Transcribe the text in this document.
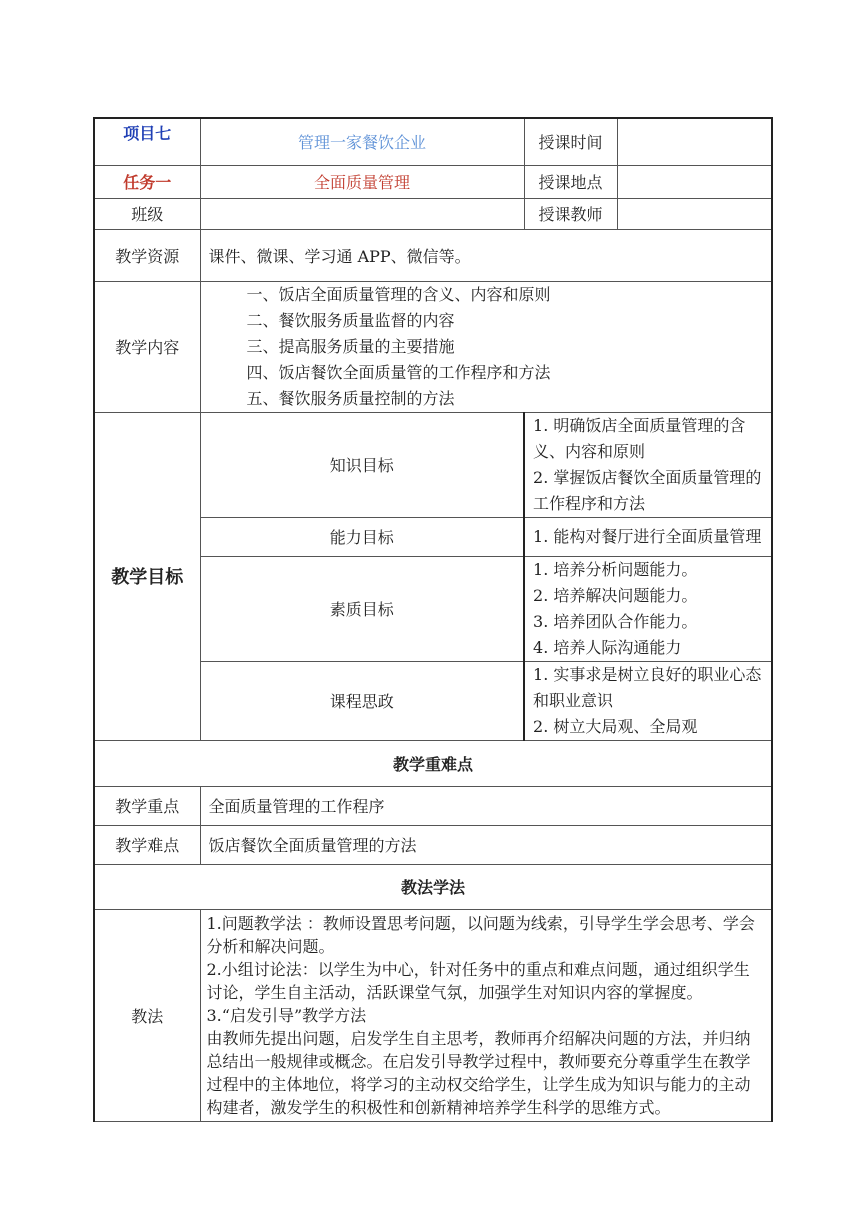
项目七	管理一家餐饮企业	授课时间	
任务一	全面质量管理	授课地点	
班级		授课教师	
教学资源	课件、微课、学习通 APP、微信等。		
教学内容	一、饭店全面质量管理的含义、内容和原则
二、餐饮服务质量监督的内容
三、提高服务质量的主要措施
四、饭店餐饮全面质量管的工作程序和方法
五、餐饮服务质量控制的方法		

教学目标	知识目标	1. 明确饭店全面质量管理的含义、内容和原则
2. 掌握饭店餐饮全面质量管理的工作程序和方法	

	能力目标	1. 能构对餐厅进行全面质量管理	

	素质目标	1. 培养分析问题能力。
2. 培养解决问题能力。
3. 培养团队合作能力。
4. 培养人际沟通能力	

	课程思政	1. 实事求是树立良好的职业心态和职业意识
2. 树立大局观、全局观	

教学重难点			
教学重点	全面质量管理的工作程序		
教学难点	饭店餐饮全面质量管理的方法		
教法学法			
教法	1.问题教学法 ：教师设置思考问题，以问题为线索，引导学生学会思考、学会分析和解决问题。
2.小组讨论法：以学生为中心，针对任务中的重点和难点问题，通过组织学生讨论，学生自主活动，活跃课堂气氛，加强学生对知识内容的掌握度。
3.“启发引导”教学方法
由教师先提出问题，启发学生自主思考，教师再介绍解决问题的方法，并归纳总结出一般规律或概念。在启发引导教学过程中，教师要充分尊重学生在教学过程中的主体地位，将学习的主动权交给学生，让学生成为知识与能力的主动构建者，激发学生的积极性和创新精神培养学生科学的思维方式。		
